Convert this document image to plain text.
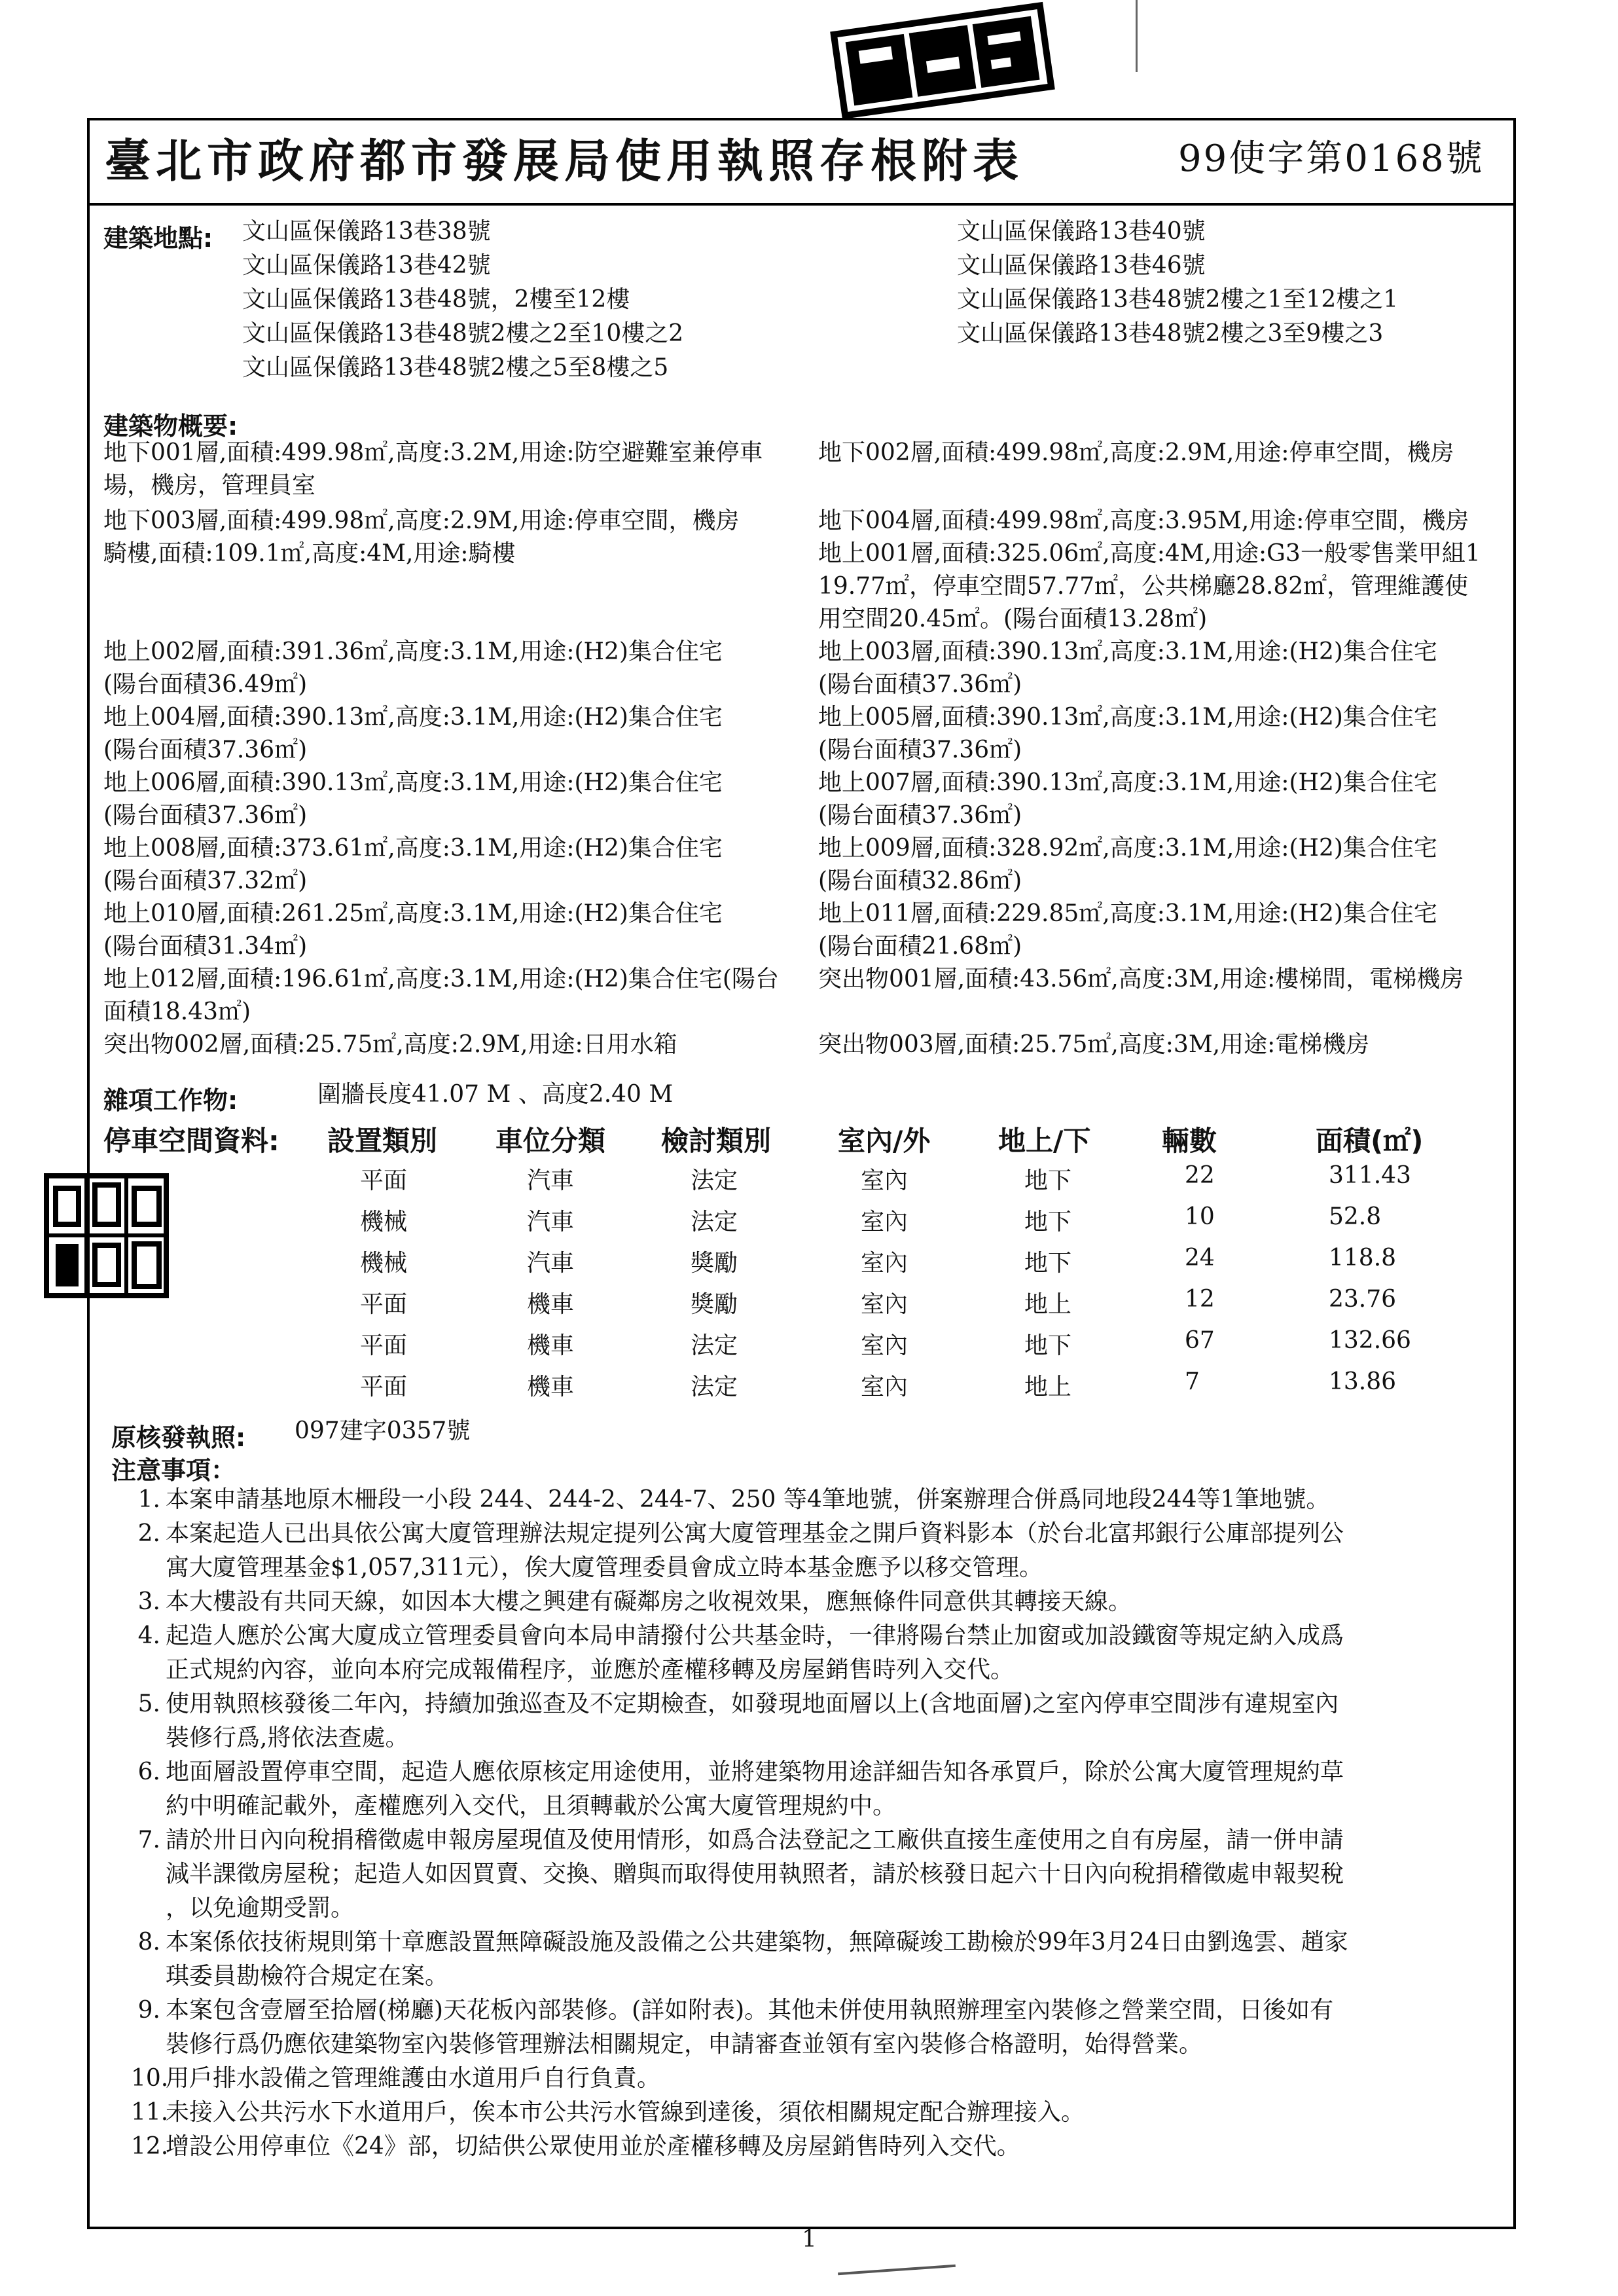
臺北市政府都市發展局使用執照存根附表	99使字第0168號
建築地點: 文山區保儀路13巷38號
文山區保儀路13巷42號
文山區保儀路13巷48號，2樓至12樓
文山區保儀路13巷48號2樓之2至10樓之2
文山區保儀路13巷48號2樓之5至8樓之5
文山區保儀路13巷40號
文山區保儀路13巷46號
文山區保儀路13巷48號2樓之1至12樓之1
文山區保儀路13巷48號2樓之3至9樓之3
建築物概要:
地下001層,面積:499.98㎡,高度:3.2M,用途:防空避難室兼停車
場，機房，管理員室
地下003層,面積:499.98㎡,高度:2.9M,用途:停車空間，機房
騎樓,面積:109.1㎡,高度:4M,用途:騎樓
地上002層,面積:391.36㎡,高度:3.1M,用途:(H2)集合住宅
(陽台面積36.49㎡)
地上004層,面積:390.13㎡,高度:3.1M,用途:(H2)集合住宅
(陽台面積37.36㎡)
地上006層,面積:390.13㎡,高度:3.1M,用途:(H2)集合住宅
(陽台面積37.36㎡)
地上008層,面積:373.61㎡,高度:3.1M,用途:(H2)集合住宅
(陽台面積37.32㎡)
地上010層,面積:261.25㎡,高度:3.1M,用途:(H2)集合住宅
(陽台面積31.34㎡)
地上012層,面積:196.61㎡,高度:3.1M,用途:(H2)集合住宅(陽台
面積18.43㎡)
突出物002層,面積:25.75㎡,高度:2.9M,用途:日用水箱
地下002層,面積:499.98㎡,高度:2.9M,用途:停車空間，機房
地下004層,面積:499.98㎡,高度:3.95M,用途:停車空間，機房
地上001層,面積:325.06㎡,高度:4M,用途:G3一般零售業甲組1
19.77㎡，停車空間57.77㎡，公共梯廳28.82㎡，管理維護使
用空間20.45㎡。(陽台面積13.28㎡)
地上003層,面積:390.13㎡,高度:3.1M,用途:(H2)集合住宅
(陽台面積37.36㎡)
地上005層,面積:390.13㎡,高度:3.1M,用途:(H2)集合住宅
(陽台面積37.36㎡)
地上007層,面積:390.13㎡,高度:3.1M,用途:(H2)集合住宅
(陽台面積37.36㎡)
地上009層,面積:328.92㎡,高度:3.1M,用途:(H2)集合住宅
(陽台面積32.86㎡)
地上011層,面積:229.85㎡,高度:3.1M,用途:(H2)集合住宅
(陽台面積21.68㎡)
突出物001層,面積:43.56㎡,高度:3M,用途:樓梯間，電梯機房
突出物003層,面積:25.75㎡,高度:3M,用途:電梯機房
雜項工作物:	圍牆長度41.07 M 、高度2.40 M
停車空間資料: 設置類別 車位分類 檢討類別 室內/外 地上/下	輛數	面積(㎡)
平面	汽車	法定	室內	地下	22	311.43
機械	汽車	法定	室內	地下	10	52.8
機械	汽車	獎勵	室內	地下	24	118.8
平面	機車	獎勵	室內	地上	12	23.76
平面	機車	法定	室內	地下	67	132.66
平面	機車	法定	室內	地上	7	13.86
原核發執照: 097建字0357號
注意事項：
1. 本案申請基地原木柵段一小段 244、244-2、244-7、250 等4筆地號，併案辦理合併爲同地段244等1筆地號。
2. 本案起造人已出具依公寓大廈管理辦法規定提列公寓大廈管理基金之開戶資料影本（於台北富邦銀行公庫部提列公
寓大廈管理基金$1,057,311元），俟大廈管理委員會成立時本基金應予以移交管理。
3. 本大樓設有共同天線，如因本大樓之興建有礙鄰房之收視效果，應無條件同意供其轉接天線。
4. 起造人應於公寓大廈成立管理委員會向本局申請撥付公共基金時，一律將陽台禁止加窗或加設鐵窗等規定納入成爲
正式規約內容，並向本府完成報備程序，並應於產權移轉及房屋銷售時列入交代。
5. 使用執照核發後二年內，持續加強巡查及不定期檢查，如發現地面層以上(含地面層)之室內停車空間涉有違規室內
裝修行爲,將依法查處。
6. 地面層設置停車空間，起造人應依原核定用途使用，並將建築物用途詳細告知各承買戶，除於公寓大廈管理規約草
約中明確記載外，產權應列入交代，且須轉載於公寓大廈管理規約中。
7. 請於卅日內向稅捐稽徵處申報房屋現值及使用情形，如爲合法登記之工廠供直接生產使用之自有房屋，請一併申請
減半課徵房屋稅；起造人如因買賣、交換、贈與而取得使用執照者，請於核發日起六十日內向稅捐稽徵處申報契稅
，以免逾期受罰。
8. 本案係依技術規則第十章應設置無障礙設施及設備之公共建築物，無障礙竣工勘檢於99年3月24日由劉逸雲、趙家
琪委員勘檢符合規定在案。
9. 本案包含壹層至拾層(梯廳)天花板內部裝修。(詳如附表)。其他未併使用執照辦理室內裝修之營業空間，日後如有
裝修行爲仍應依建築物室內裝修管理辦法相關規定，申請審查並領有室內裝修合格證明，始得營業。
10.用戶排水設備之管理維護由水道用戶自行負責。
11.未接入公共污水下水道用戶，俟本市公共污水管線到達後，須依相關規定配合辦理接入。
12.增設公用停車位《24》部，切結供公眾使用並於產權移轉及房屋銷售時列入交代。
1
